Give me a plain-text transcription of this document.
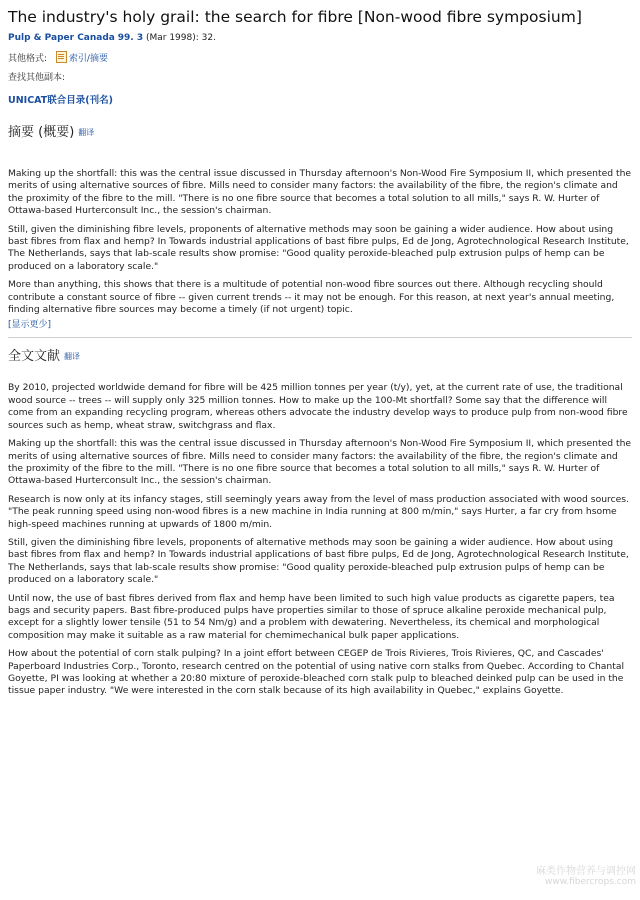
The industry's holy grail: the search for fibre [Non-wood fibre symposium]
Pulp & Paper Canada 99. 3 (Mar 1998): 32.
其他格式: 索引/摘要
查找其他副本:
UNICAT联合目录(刊名)
摘要 (概要) 翻译

Making up the shortfall: this was the central issue discussed in Thursday afternoon's Non-Wood Fire Symposium II, which presented the merits of using alternative sources of fibre. Mills need to consider many factors: the availability of the fibre, the region's climate and the proximity of the fibre to the mill. "There is no one fibre source that becomes a total solution to all mills," says R. W. Hurter of Ottawa-based Hurterconsult Inc., the session's chairman.

Still, given the diminishing fibre levels, proponents of alternative methods may soon be gaining a wider audience. How about using bast fibres from flax and hemp? In Towards industrial applications of bast fibre pulps, Ed de Jong, Agrotechnological Research Institute, The Netherlands, says that lab-scale results show promise: "Good quality peroxide-bleached pulp extrusion pulps of hemp can be produced on a laboratory scale."

More than anything, this shows that there is a multitude of potential non-wood fibre sources out there. Although recycling should contribute a constant source of fibre -- given current trends -- it may not be enough. For this reason, at next year's annual meeting, finding alternative fibre sources may become a timely (if not urgent) topic.

[显示更少]
全文文献 翻译

By 2010, projected worldwide demand for fibre will be 425 million tonnes per year (t/y), yet, at the current rate of use, the traditional wood source -- trees -- will supply only 325 million tonnes. How to make up the 100-Mt shortfall? Some say that the difference will come from an expanding recycling program, whereas others advocate the industry develop ways to produce pulp from non-wood fibre sources such as hemp, wheat straw, switchgrass and flax.

Making up the shortfall: this was the central issue discussed in Thursday afternoon's Non-Wood Fire Symposium II, which presented the merits of using alternative sources of fibre. Mills need to consider many factors: the availability of the fibre, the region's climate and the proximity of the fibre to the mill. "There is no one fibre source that becomes a total solution to all mills," says R. W. Hurter of Ottawa-based Hurterconsult Inc., the session's chairman.

Research is now only at its infancy stages, still seemingly years away from the level of mass production associated with wood sources. "The peak running speed using non-wood fibres is a new machine in India running at 800 m/min," says Hurter, a far cry from hsome high-speed machines running at upwards of 1800 m/min.

Still, given the diminishing fibre levels, proponents of alternative methods may soon be gaining a wider audience. How about using bast fibres from flax and hemp? In Towards industrial applications of bast fibre pulps, Ed de Jong, Agrotechnological Research Institute, The Netherlands, says that lab-scale results show promise: "Good quality peroxide-bleached pulp extrusion pulps of hemp can be produced on a laboratory scale."

Until now, the use of bast fibres derived from flax and hemp have been limited to such high value products as cigarette papers, tea bags and security papers. Bast fibre-produced pulps have properties similar to those of spruce alkaline peroxide mechanical pulp, except for a slightly lower tensile (51 to 54 Nm/g) and a problem with dewatering. Nevertheless, its chemical and morphological composition may make it suitable as a raw material for chemimechanical bulk paper applications.

How about the potential of corn stalk pulping? In a joint effort between CEGEP de Trois Rivieres, Trois Rivieres, QC, and Cascades' Paperboard Industries Corp., Toronto, research centred on the potential of using native corn stalks from Quebec. According to Chantal Goyette, PI was looking at whether a 20:80 mixture of peroxide-bleached corn stalk pulp to bleached deinked pulp can be used in the tissue paper industry. "We were interested in the corn stalk because of its high availability in Quebec," explains Goyette.

麻类作物营养与调控网
www.fibercrops.com
